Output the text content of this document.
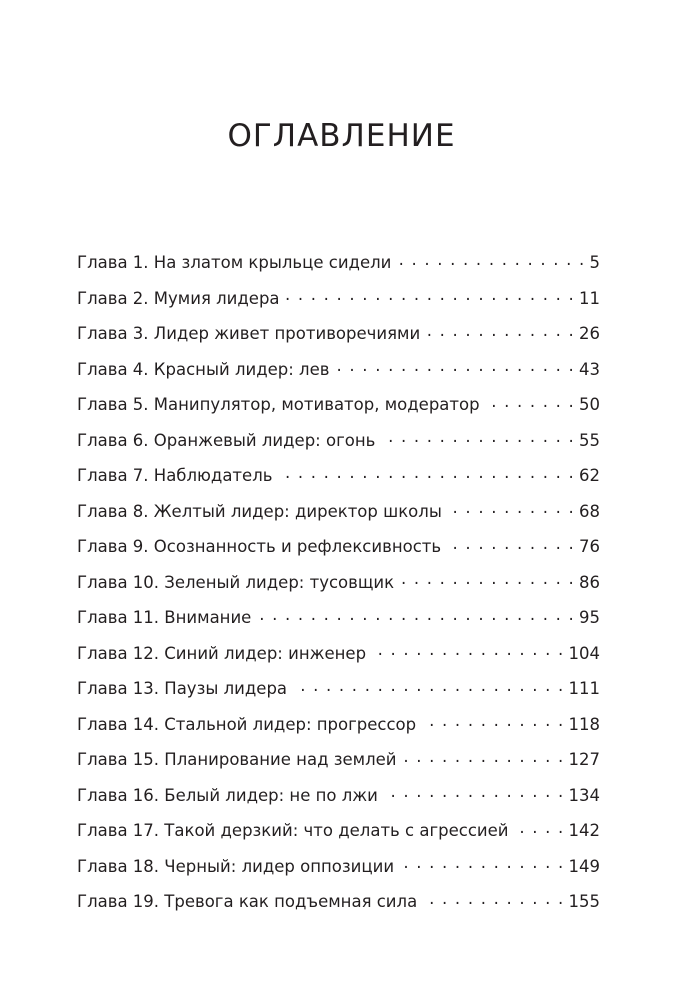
ОГЛАВЛЕНИЕ
Глава 1. На златом крыльце сидели . . .	5
Глава 2. Мумия лидера . . .	11
Глава 3. Лидер живет противоречиями . . .	26
Глава 4. Красный лидер: лев . . .	43
Глава 5. Манипулятор, мотиватор, модератор . . .	50
Глава 6. Оранжевый лидер: огонь . . .	55
Глава 7. Наблюдатель . . .	62
Глава 8. Желтый лидер: директор школы . . .	68
Глава 9. Осознанность и рефлексивность . . .	76
Глава 10. Зеленый лидер: тусовщик . . .	86
Глава 11. Внимание . . .	95
Глава 12. Синий лидер: инженер . . .	104
Глава 13. Паузы лидера . . .	111
Глава 14. Стальной лидер: прогрессор . . .	118
Глава 15. Планирование над землей . . .	127
Глава 16. Белый лидер: не по лжи . . .	134
Глава 17. Такой дерзкий: что делать с агрессией . . .	142
Глава 18. Черный: лидер оппозиции . . .	149
Глава 19. Тревога как подъемная сила . . .	155
